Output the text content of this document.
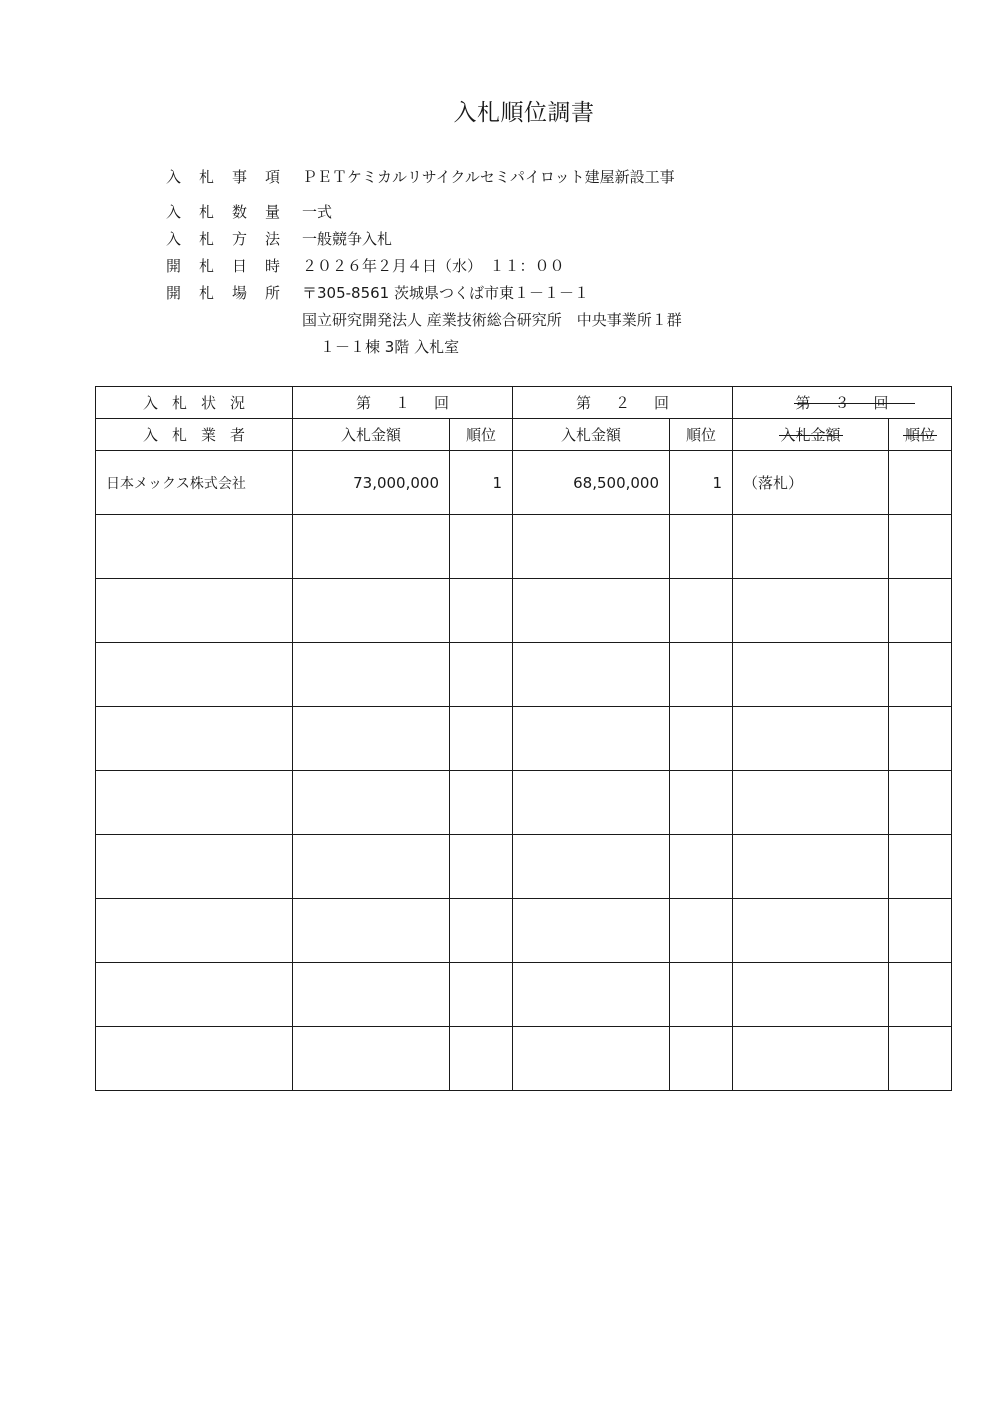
入札順位調書
入 札 事 項	ＰＥＴケミカルリサイクルセミパイロット建屋新設工事
入 札 数 量	一式
入 札 方 法	一般競争入札
開 札 日 時	２０２６年２月４日（水）　１１：００
開 札 場 所	〒305-8561 茨城県つくば市東１－１－１
国立研究開発法人 産業技術総合研究所　中央事業所１群
１－１棟 3階 入札室
入札状況	第１回		第２回		第３回	
入札業者	入札金額	順位	入札金額	順位	入札金額	順位
日本メックス株式会社	73,000,000	1	68,500,000	1	（落札）	
